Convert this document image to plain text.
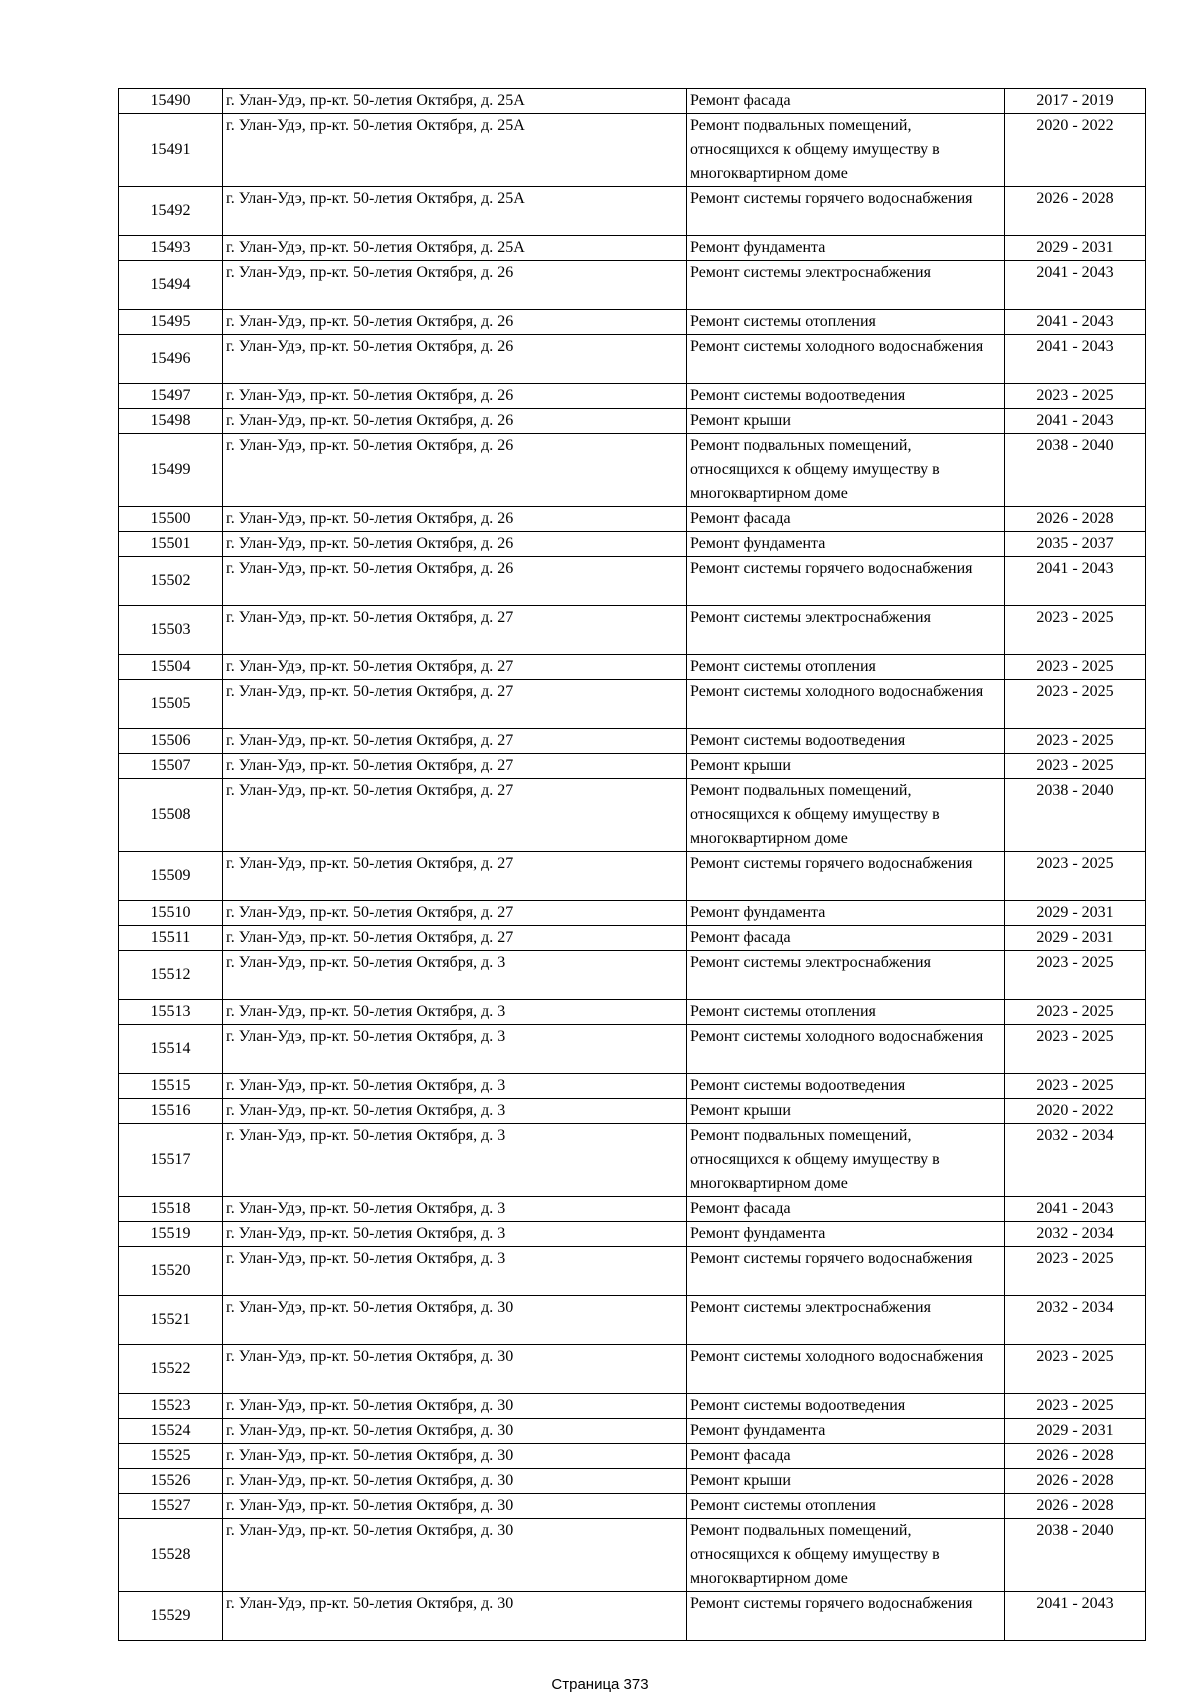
15490	г. Улан-Удэ, пр-кт. 50-летия Октября, д. 25А	Ремонт фасада	2017 - 2019
15491	г. Улан-Удэ, пр-кт. 50-летия Октября, д. 25А	Ремонт подвальных помещений, относящихся к общему имуществу в многоквартирном доме	2020 - 2022
15492	г. Улан-Удэ, пр-кт. 50-летия Октября, д. 25А	Ремонт системы горячего водоснабжения	2026 - 2028
15493	г. Улан-Удэ, пр-кт. 50-летия Октября, д. 25А	Ремонт фундамента	2029 - 2031
15494	г. Улан-Удэ, пр-кт. 50-летия Октября, д. 26	Ремонт системы электроснабжения	2041 - 2043
15495	г. Улан-Удэ, пр-кт. 50-летия Октября, д. 26	Ремонт системы отопления	2041 - 2043
15496	г. Улан-Удэ, пр-кт. 50-летия Октября, д. 26	Ремонт системы холодного водоснабжения	2041 - 2043
15497	г. Улан-Удэ, пр-кт. 50-летия Октября, д. 26	Ремонт системы водоотведения	2023 - 2025
15498	г. Улан-Удэ, пр-кт. 50-летия Октября, д. 26	Ремонт крыши	2041 - 2043
15499	г. Улан-Удэ, пр-кт. 50-летия Октября, д. 26	Ремонт подвальных помещений, относящихся к общему имуществу в многоквартирном доме	2038 - 2040
15500	г. Улан-Удэ, пр-кт. 50-летия Октября, д. 26	Ремонт фасада	2026 - 2028
15501	г. Улан-Удэ, пр-кт. 50-летия Октября, д. 26	Ремонт фундамента	2035 - 2037
15502	г. Улан-Удэ, пр-кт. 50-летия Октября, д. 26	Ремонт системы горячего водоснабжения	2041 - 2043
15503	г. Улан-Удэ, пр-кт. 50-летия Октября, д. 27	Ремонт системы электроснабжения	2023 - 2025
15504	г. Улан-Удэ, пр-кт. 50-летия Октября, д. 27	Ремонт системы отопления	2023 - 2025
15505	г. Улан-Удэ, пр-кт. 50-летия Октября, д. 27	Ремонт системы холодного водоснабжения	2023 - 2025
15506	г. Улан-Удэ, пр-кт. 50-летия Октября, д. 27	Ремонт системы водоотведения	2023 - 2025
15507	г. Улан-Удэ, пр-кт. 50-летия Октября, д. 27	Ремонт крыши	2023 - 2025
15508	г. Улан-Удэ, пр-кт. 50-летия Октября, д. 27	Ремонт подвальных помещений, относящихся к общему имуществу в многоквартирном доме	2038 - 2040
15509	г. Улан-Удэ, пр-кт. 50-летия Октября, д. 27	Ремонт системы горячего водоснабжения	2023 - 2025
15510	г. Улан-Удэ, пр-кт. 50-летия Октября, д. 27	Ремонт фундамента	2029 - 2031
15511	г. Улан-Удэ, пр-кт. 50-летия Октября, д. 27	Ремонт фасада	2029 - 2031
15512	г. Улан-Удэ, пр-кт. 50-летия Октября, д. 3	Ремонт системы электроснабжения	2023 - 2025
15513	г. Улан-Удэ, пр-кт. 50-летия Октября, д. 3	Ремонт системы отопления	2023 - 2025
15514	г. Улан-Удэ, пр-кт. 50-летия Октября, д. 3	Ремонт системы холодного водоснабжения	2023 - 2025
15515	г. Улан-Удэ, пр-кт. 50-летия Октября, д. 3	Ремонт системы водоотведения	2023 - 2025
15516	г. Улан-Удэ, пр-кт. 50-летия Октября, д. 3	Ремонт крыши	2020 - 2022
15517	г. Улан-Удэ, пр-кт. 50-летия Октября, д. 3	Ремонт подвальных помещений, относящихся к общему имуществу в многоквартирном доме	2032 - 2034
15518	г. Улан-Удэ, пр-кт. 50-летия Октября, д. 3	Ремонт фасада	2041 - 2043
15519	г. Улан-Удэ, пр-кт. 50-летия Октября, д. 3	Ремонт фундамента	2032 - 2034
15520	г. Улан-Удэ, пр-кт. 50-летия Октября, д. 3	Ремонт системы горячего водоснабжения	2023 - 2025
15521	г. Улан-Удэ, пр-кт. 50-летия Октября, д. 30	Ремонт системы электроснабжения	2032 - 2034
15522	г. Улан-Удэ, пр-кт. 50-летия Октября, д. 30	Ремонт системы холодного водоснабжения	2023 - 2025
15523	г. Улан-Удэ, пр-кт. 50-летия Октября, д. 30	Ремонт системы водоотведения	2023 - 2025
15524	г. Улан-Удэ, пр-кт. 50-летия Октября, д. 30	Ремонт фундамента	2029 - 2031
15525	г. Улан-Удэ, пр-кт. 50-летия Октября, д. 30	Ремонт фасада	2026 - 2028
15526	г. Улан-Удэ, пр-кт. 50-летия Октября, д. 30	Ремонт крыши	2026 - 2028
15527	г. Улан-Удэ, пр-кт. 50-летия Октября, д. 30	Ремонт системы отопления	2026 - 2028
15528	г. Улан-Удэ, пр-кт. 50-летия Октября, д. 30	Ремонт подвальных помещений, относящихся к общему имуществу в многоквартирном доме	2038 - 2040
15529	г. Улан-Удэ, пр-кт. 50-летия Октября, д. 30	Ремонт системы горячего водоснабжения	2041 - 2043
Страница 373
